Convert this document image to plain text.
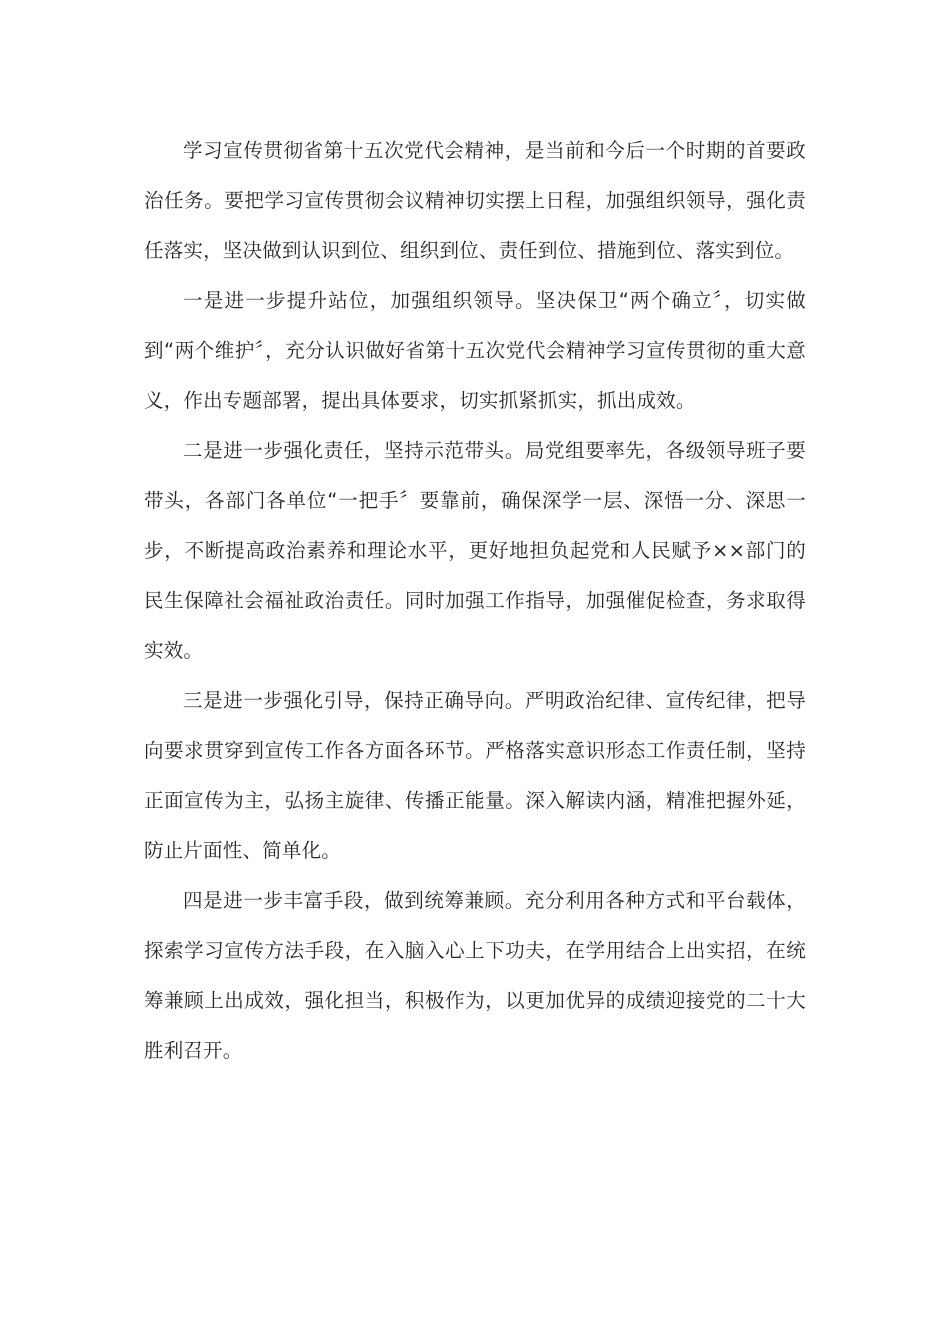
学习宣传贯彻省第十五次党代会精神，是当前和今后一个时期的首要政治任务。要把学习宣传贯彻会议精神切实摆上日程，加强组织领导，强化责任落实，坚决做到认识到位、组织到位、责任到位、措施到位、落实到位。

一是进一步提升站位，加强组织领导。坚决保卫“两个确立〞，切实做到“两个维护〞，充分认识做好省第十五次党代会精神学习宣传贯彻的重大意义，作出专题部署，提出具体要求，切实抓紧抓实，抓出成效。

二是进一步强化责任，坚持示范带头。局党组要率先，各级领导班子要带头，各部门各单位“一把手〞要靠前，确保深学一层、深悟一分、深思一步，不断提高政治素养和理论水平，更好地担负起党和人民赋予××部门的民生保障社会福祉政治责任。同时加强工作指导，加强催促检查，务求取得实效。

三是进一步强化引导，保持正确导向。严明政治纪律、宣传纪律，把导向要求贯穿到宣传工作各方面各环节。严格落实意识形态工作责任制，坚持正面宣传为主，弘扬主旋律、传播正能量。深入解读内涵，精准把握外延，防止片面性、简单化。

四是进一步丰富手段，做到统筹兼顾。充分利用各种方式和平台载体，探索学习宣传方法手段，在入脑入心上下功夫，在学用结合上出实招，在统筹兼顾上出成效，强化担当，积极作为，以更加优异的成绩迎接党的二十大胜利召开。
